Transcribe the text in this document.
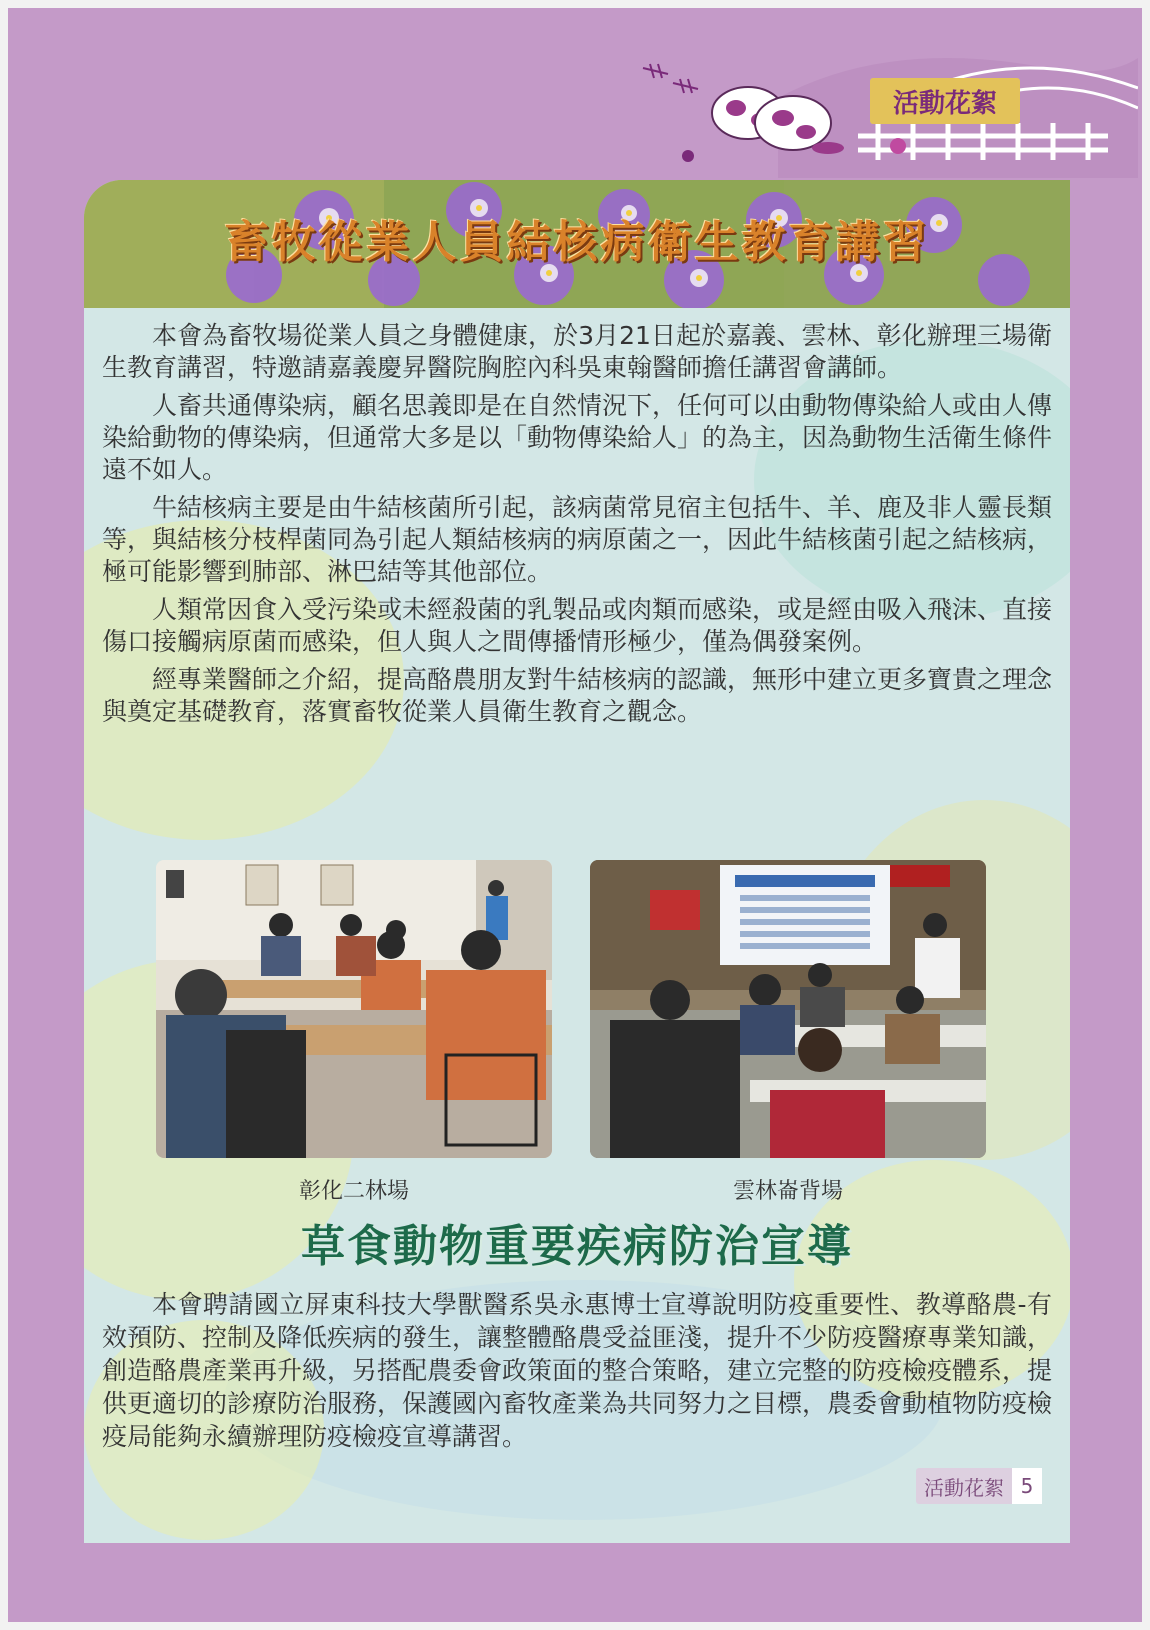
活動花絮
畜牧從業人員結核病衛生教育講習

本會為畜牧場從業人員之身體健康，於3月21日起於嘉義、雲林、彰化辦理三場衛生教育講習，特邀請嘉義慶昇醫院胸腔內科吳東翰醫師擔任講習會講師。

人畜共通傳染病，顧名思義即是在自然情況下，任何可以由動物傳染給人或由人傳染給動物的傳染病，但通常大多是以「動物傳染給人」的為主，因為動物生活衛生條件遠不如人。

牛結核病主要是由牛結核菌所引起，該病菌常見宿主包括牛、羊、鹿及非人靈長類等，與結核分枝桿菌同為引起人類結核病的病原菌之一，因此牛結核菌引起之結核病，極可能影響到肺部、淋巴結等其他部位。

人類常因食入受污染或未經殺菌的乳製品或肉類而感染，或是經由吸入飛沫、直接傷口接觸病原菌而感染，但人與人之間傳播情形極少，僅為偶發案例。

經專業醫師之介紹，提高酪農朋友對牛結核病的認識，無形中建立更多寶貴之理念與奠定基礎教育，落實畜牧從業人員衛生教育之觀念。

彰化二林場	雲林崙背場
草食動物重要疾病防治宣導

本會聘請國立屏東科技大學獸醫系吳永惠博士宣導說明防疫重要性、教導酪農-有效預防、控制及降低疾病的發生，讓整體酪農受益匪淺，提升不少防疫醫療專業知識，創造酪農產業再升級，另搭配農委會政策面的整合策略，建立完整的防疫檢疫體系，提供更適切的診療防治服務，保護國內畜牧產業為共同努力之目標，農委會動植物防疫檢疫局能夠永續辦理防疫檢疫宣導講習。

活動花絮 5
